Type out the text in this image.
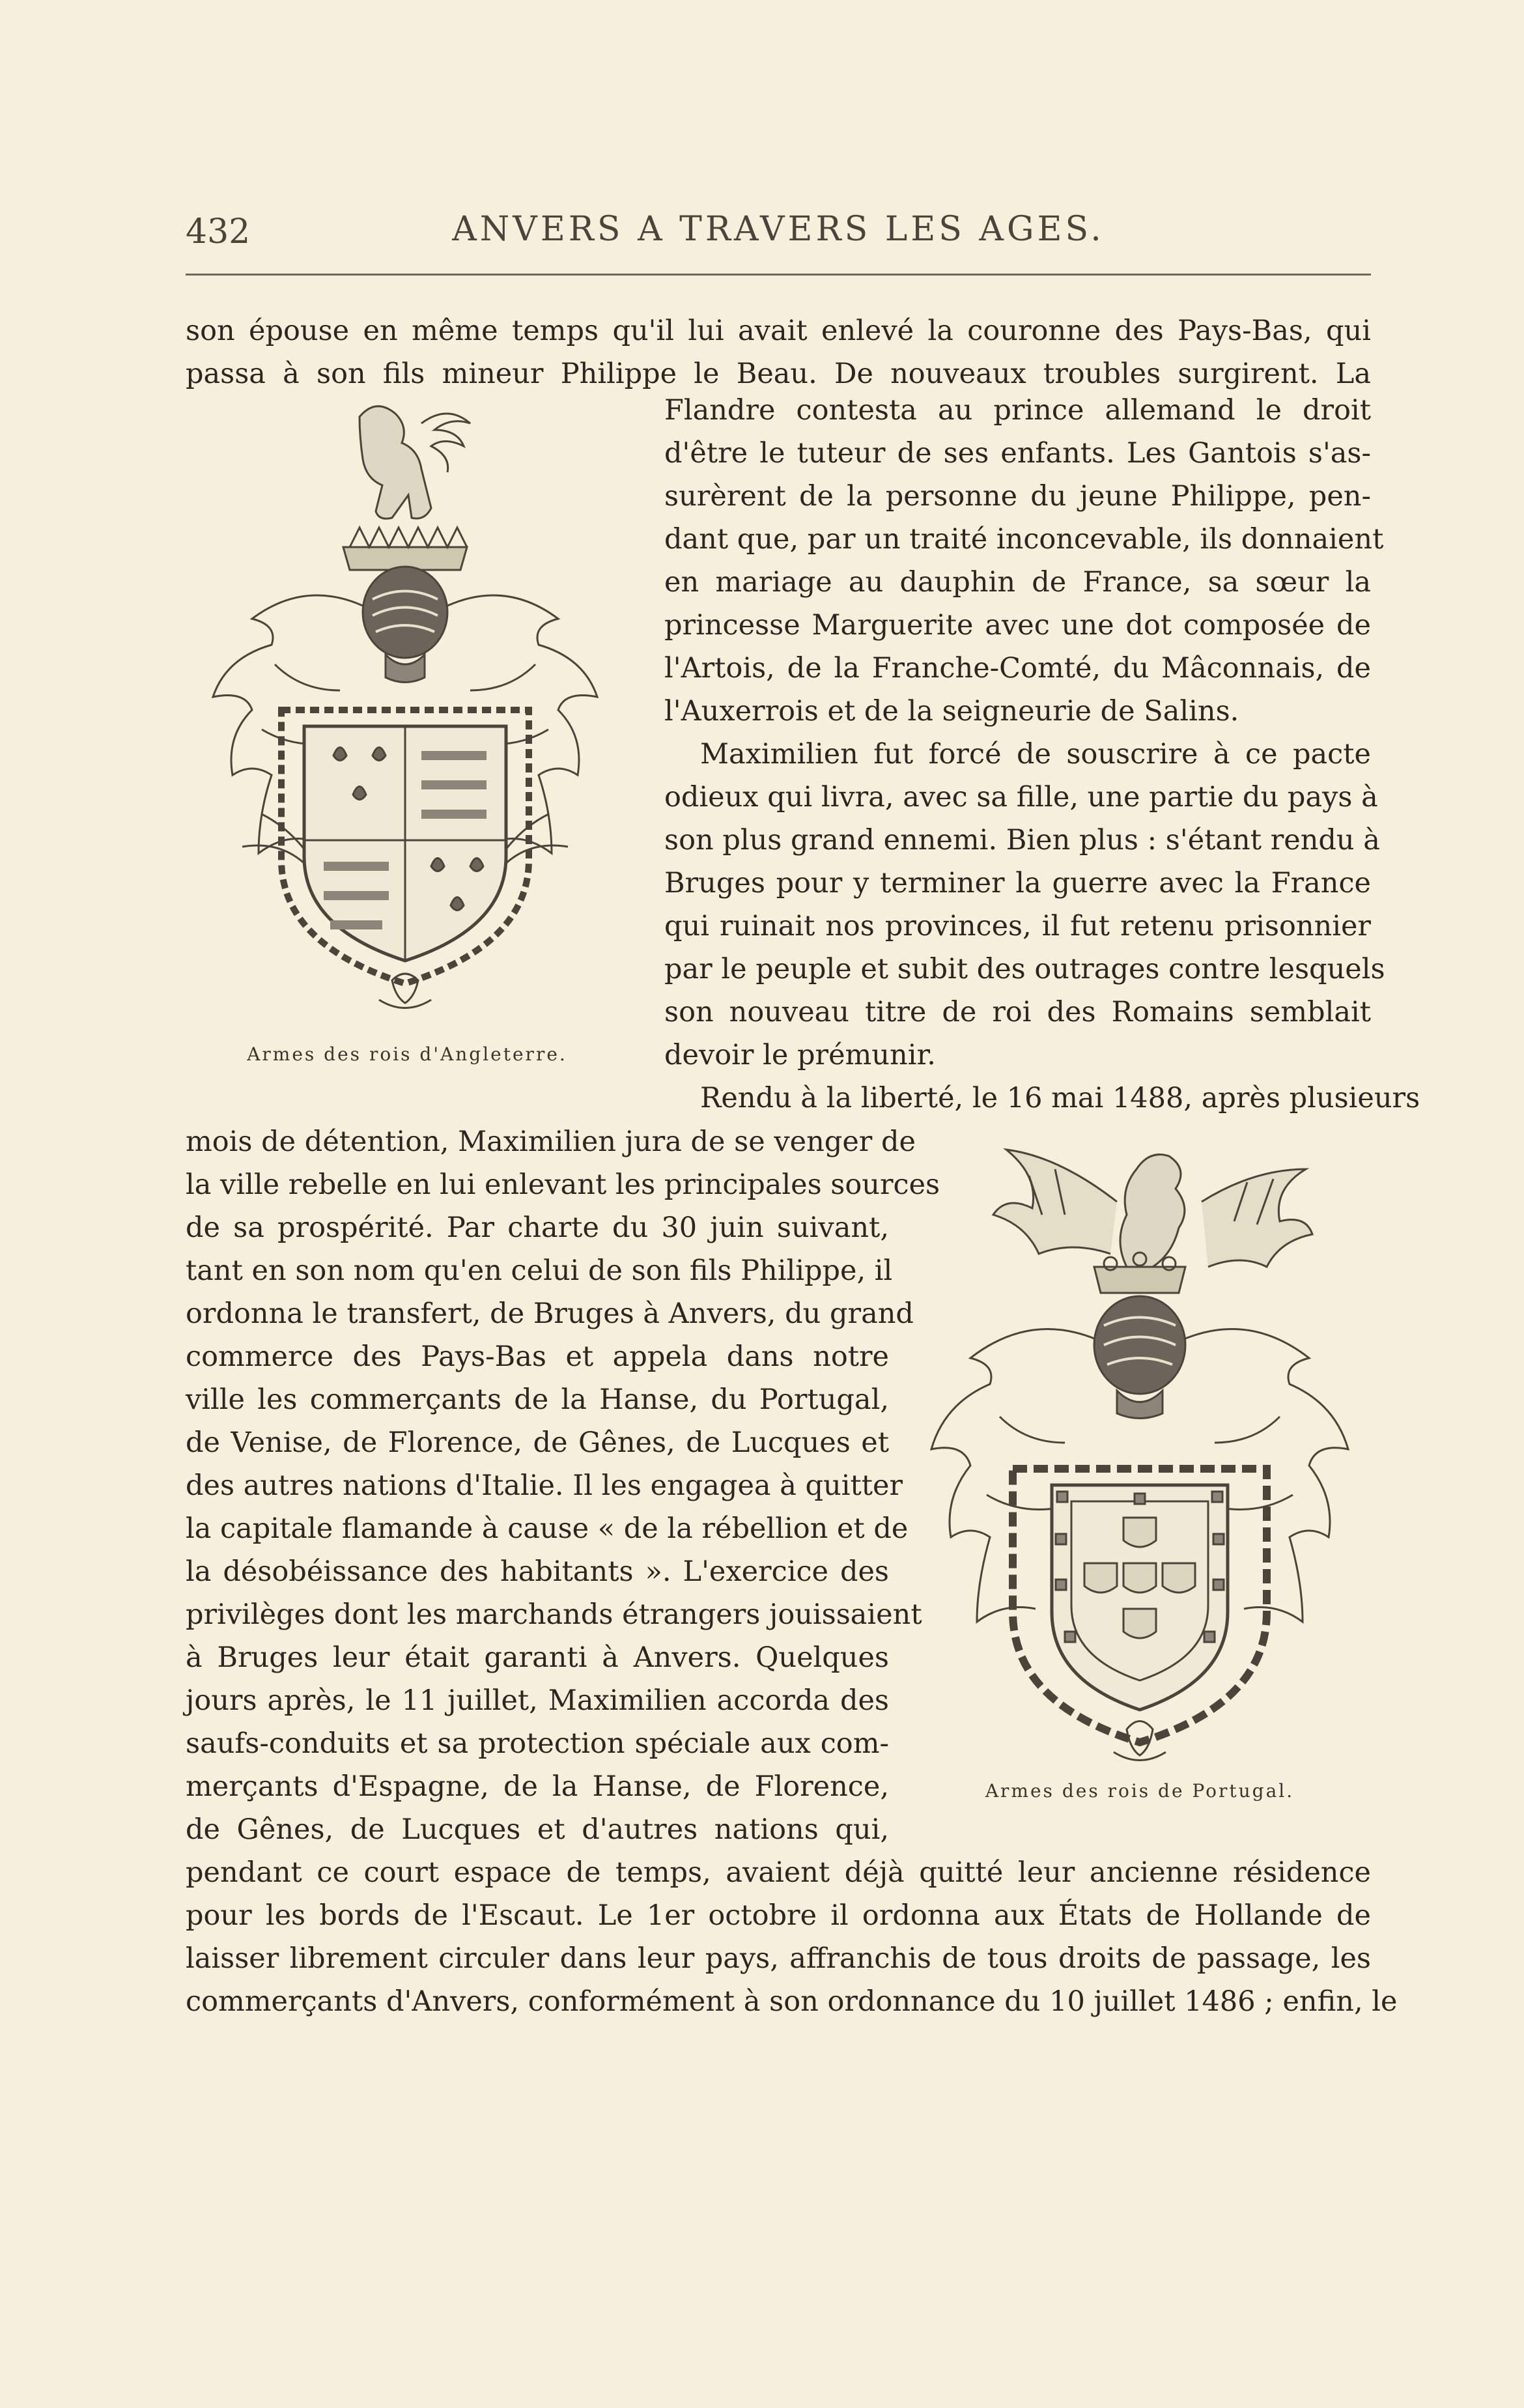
432	ANVERS A TRAVERS LES AGES.
son épouse en même temps qu'il lui avait enlevé la couronne des Pays-Bas, qui
passa à son fils mineur Philippe le Beau. De nouveaux troubles surgirent. La
Flandre contesta au prince allemand le droit
d'être le tuteur de ses enfants. Les Gantois s'as-
surèrent de la personne du jeune Philippe, pen-
dant que, par un traité inconcevable, ils donnaient
en mariage au dauphin de France, sa sœur la
princesse Marguerite avec une dot composée de
l'Artois, de la Franche-Comté, du Mâconnais, de
l'Auxerrois et de la seigneurie de Salins.
Maximilien fut forcé de souscrire à ce pacte
odieux qui livra, avec sa fille, une partie du pays à
son plus grand ennemi. Bien plus : s'étant rendu à
Bruges pour y terminer la guerre avec la France
qui ruinait nos provinces, il fut retenu prisonnier
par le peuple et subit des outrages contre lesquels
son nouveau titre de roi des Romains semblait
devoir le prémunir.
Rendu à la liberté, le 16 mai 1488, après plusieurs
mois de détention, Maximilien jura de se venger de
la ville rebelle en lui enlevant les principales sources
de sa prospérité. Par charte du 30 juin suivant,
tant en son nom qu'en celui de son fils Philippe, il
ordonna le transfert, de Bruges à Anvers, du grand
commerce des Pays-Bas et appela dans notre
ville les commerçants de la Hanse, du Portugal,
de Venise, de Florence, de Gênes, de Lucques et
des autres nations d'Italie. Il les engagea à quitter
la capitale flamande à cause « de la rébellion et de
la désobéissance des habitants ». L'exercice des
privilèges dont les marchands étrangers jouissaient
à Bruges leur était garanti à Anvers. Quelques
jours après, le 11 juillet, Maximilien accorda des
saufs-conduits et sa protection spéciale aux com-
merçants d'Espagne, de la Hanse, de Florence,
de Gênes, de Lucques et d'autres nations qui,
pendant ce court espace de temps, avaient déjà quitté leur ancienne résidence
pour les bords de l'Escaut. Le 1er octobre il ordonna aux États de Hollande de
laisser librement circuler dans leur pays, affranchis de tous droits de passage, les
commerçants d'Anvers, conformément à son ordonnance du 10 juillet 1486 ; enfin, le
Armes des rois d'Angleterre.
Armes des rois de Portugal.
